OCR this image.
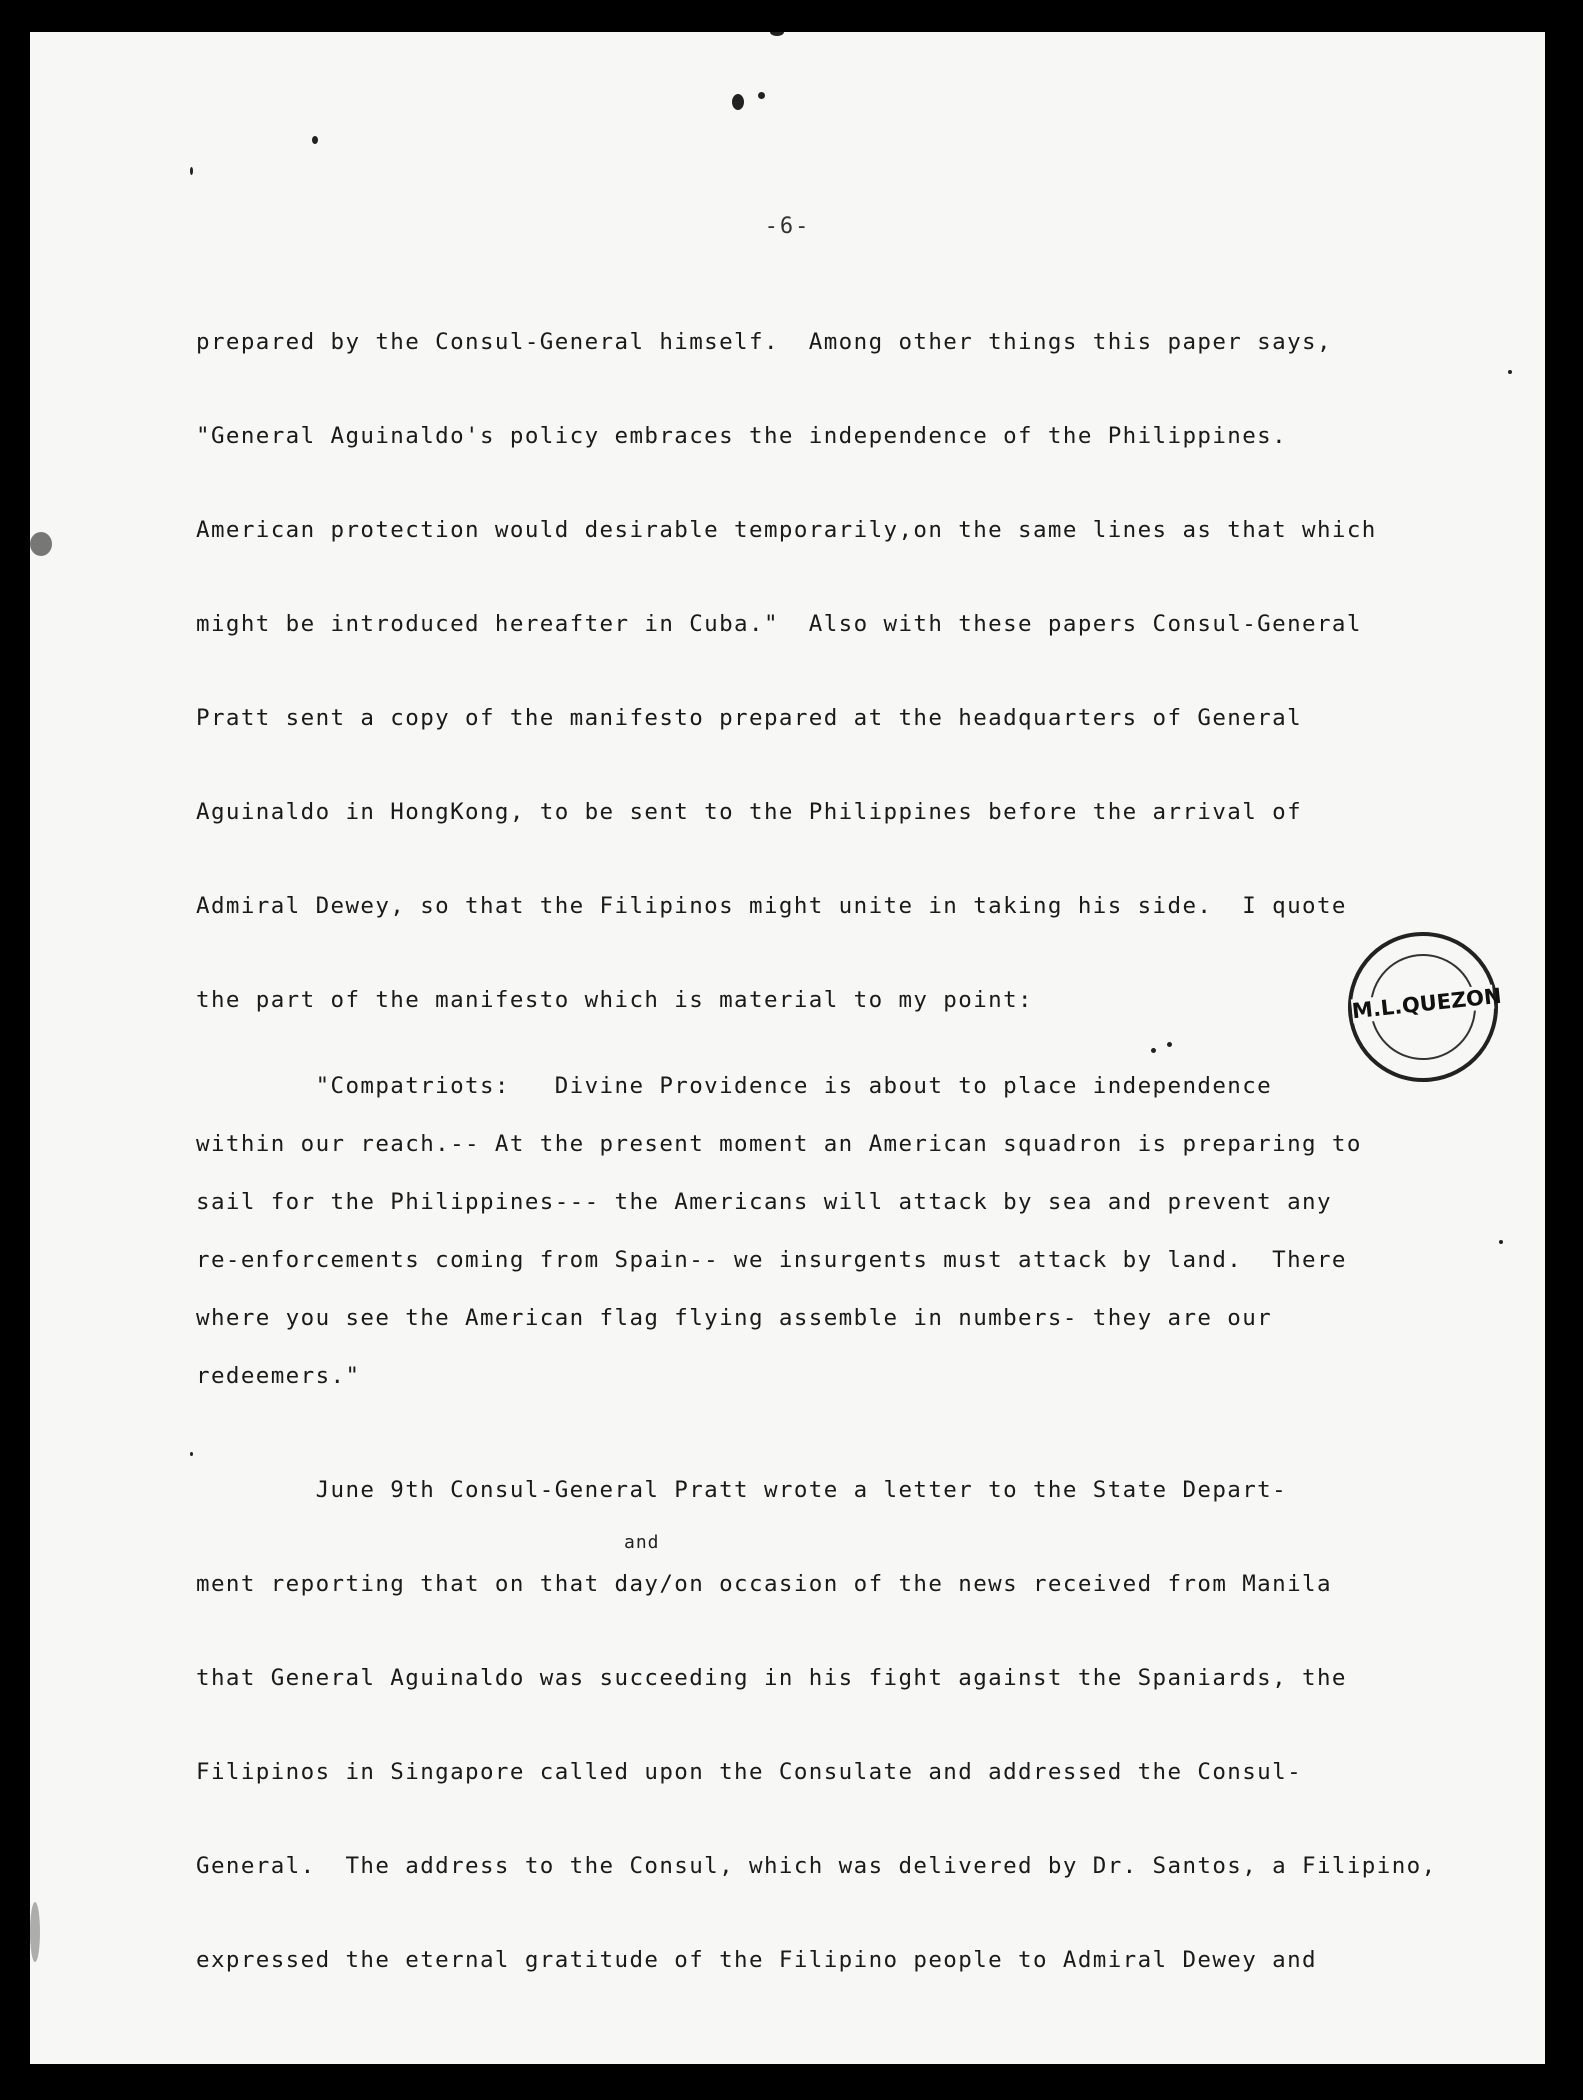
-6-
prepared by the Consul-General himself.  Among other things this paper says,
"General Aguinaldo's policy embraces the independence of the Philippines.
American protection would desirable temporarily,on the same lines as that which
might be introduced hereafter in Cuba."  Also with these papers Consul-General
Pratt sent a copy of the manifesto prepared at the headquarters of General
Aguinaldo in HongKong, to be sent to the Philippines before the arrival of
Admiral Dewey, so that the Filipinos might unite in taking his side.  I quote
the part of the manifesto which is material to my point:
"Compatriots:   Divine Providence is about to place independence
within our reach.-- At the present moment an American squadron is preparing to
sail for the Philippines--- the Americans will attack by sea and prevent any
re-enforcements coming from Spain-- we insurgents must attack by land.  There
where you see the American flag flying assemble in numbers- they are our
redeemers."
June 9th Consul-General Pratt wrote a letter to the State Depart-
and
ment reporting that on that day/on occasion of the news received from Manila
that General Aguinaldo was succeeding in his fight against the Spaniards, the
Filipinos in Singapore called upon the Consulate and addressed the Consul-
General.  The address to the Consul, which was delivered by Dr. Santos, a Filipino,
expressed the eternal gratitude of the Filipino people to Admiral Dewey and
M.L.QUEZON
